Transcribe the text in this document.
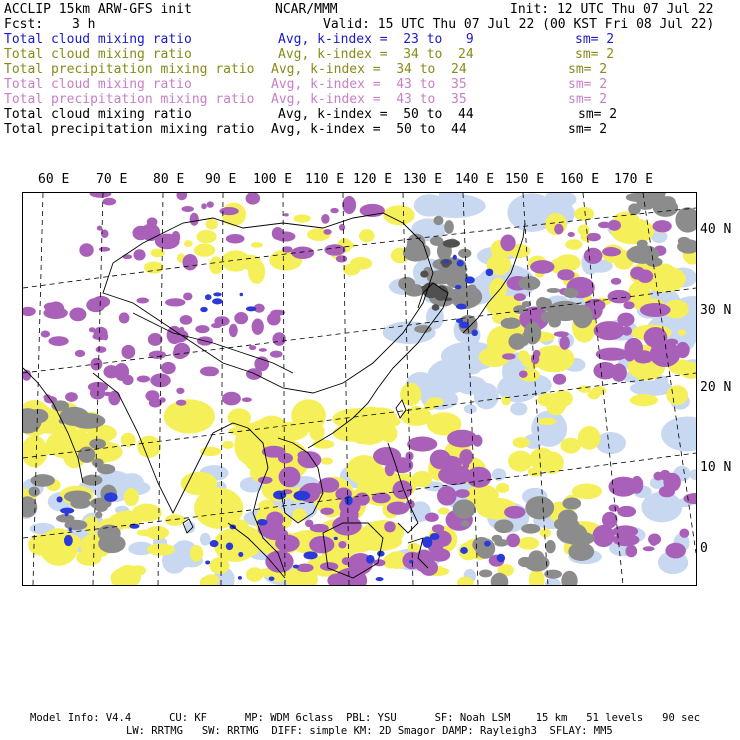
ACCLIP 15km ARW-GFS init	NCAR/MMM	Init: 12 UTC Thu 07 Jul 22
Fcst: 3 h	Valid: 15 UTC Thu 07 Jul 22 (00 KST Fri 08 Jul 22)
Total cloud mixing ratio	Avg, k-index =  23 to   9	sm= 2
Total cloud mixing ratio	Avg, k-index =  34 to  24	sm= 2
Total precipitation mixing ratio Avg, k-index =  34 to  24	sm= 2
Total cloud mixing ratio	Avg, k-index =  43 to  35	sm= 2
Total precipitation mixing ratio Avg, k-index =  43 to  35	sm= 2
Total cloud mixing ratio	Avg, k-index =  50 to  44	sm= 2
Total precipitation mixing ratio Avg, k-index =  50 to  44	sm= 2
60 E 70 E 80 E 90 E 100 E 110 E 120 E 130 E 140 E 150 E 160 E 170 E
40 N
30 N
20 N
10 N
0
Model Info: V4.4      CU: KF      MP: WDM 6class  PBL: YSU      SF: Noah LSM    15 km   51 levels   90 sec
LW: RRTMG   SW: RRTMG  DIFF: simple KM: 2D Smagor DAMP: Rayleigh3  SFLAY: MM5
